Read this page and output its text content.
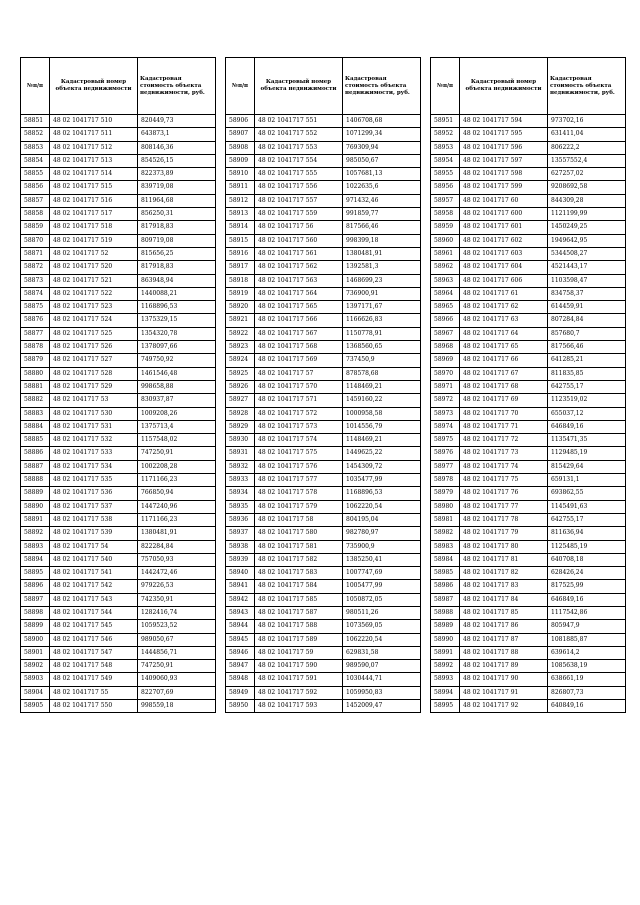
№п/п	Кадастровый номер объекта недвижимости	Кадастровая стоимость объекта недвижимости, руб.
58851	48 02 1041717 510	820449,73
58852	48 02 1041717 511	643873,1
58853	48 02 1041717 512	808146,36
58854	48 02 1041717 513	854526,15
58855	48 02 1041717 514	822373,89
58856	48 02 1041717 515	839719,08
58857	48 02 1041717 516	811964,68
58858	48 02 1041717 517	856250,31
58859	48 02 1041717 518	817918,83
58870	48 02 1041717 519	809719,08
58871	48 02 1041717 52	815656,25
58872	48 02 1041717 520	817918,83
58873	48 02 1041717 521	863948,94
58874	48 02 1041717 522	1440088,21
58875	48 02 1041717 523	1168896,53
58876	48 02 1041717 524	1375329,15
58877	48 02 1041717 525	1354320,78
58878	48 02 1041717 526	1378097,66
58879	48 02 1041717 527	749750,92
58880	48 02 1041717 528	1461546,48
58881	48 02 1041717 529	998658,88
58882	48 02 1041717 53	830937,87
58883	48 02 1041717 530	1009208,26
58884	48 02 1041717 531	1375713,4
58885	48 02 1041717 532	1157548,02
58886	48 02 1041717 533	747250,91
58887	48 02 1041717 534	1002208,28
58888	48 02 1041717 535	1171166,23
58889	48 02 1041717 536	766850,94
58890	48 02 1041717 537	1447240,96
58891	48 02 1041717 538	1171166,23
58892	48 02 1041717 539	1380481,91
58893	48 02 1041717 54	822284,84
58894	48 02 1041717 540	757050,93
58895	48 02 1041717 541	1442472,46
58896	48 02 1041717 542	979226,53
58897	48 02 1041717 543	742350,91
58898	48 02 1041717 544	1282416,74
58899	48 02 1041717 545	1059523,52
58900	48 02 1041717 546	989050,67
58901	48 02 1041717 547	1444856,71
58902	48 02 1041717 548	747250,91
58903	48 02 1041717 549	1409060,93
58904	48 02 1041717 55	822707,69
58905	48 02 1041717 550	998559,18
№п/п	Кадастровый номер объекта недвижимости	Кадастровая стоимость объекта недвижимости, руб.
58906	48 02 1041717 551	1406708,68
58907	48 02 1041717 552	1071299,34
58908	48 02 1041717 553	769309,94
58909	48 02 1041717 554	985050,67
58910	48 02 1041717 555	1057681,13
58911	48 02 1041717 556	1022635,6
58912	48 02 1041717 557	971432,46
58913	48 02 1041717 559	991859,77
58914	48 02 1041717 56	817566,46
58915	48 02 1041717 560	998399,18
58916	48 02 1041717 561	1380481,91
58917	48 02 1041717 562	1392581,3
58918	48 02 1041717 563	1468699,23
58919	48 02 1041717 564	736900,91
58920	48 02 1041717 565	1397171,67
58921	48 02 1041717 566	1166626,83
58922	48 02 1041717 567	1150778,91
58923	48 02 1041717 568	1368560,65
58924	48 02 1041717 569	737450,9
58925	48 02 1041717 57	878578,68
58926	48 02 1041717 570	1148469,21
58927	48 02 1041717 571	1459160,22
58928	48 02 1041717 572	1000958,58
58929	48 02 1041717 573	1014556,79
58930	48 02 1041717 574	1148469,21
58931	48 02 1041717 575	1449625,22
58932	48 02 1041717 576	1454309,72
58933	48 02 1041717 577	1035477,99
58934	48 02 1041717 578	1168896,53
58935	48 02 1041717 579	1062220,54
58936	48 02 1041717 58	804195,04
58937	48 02 1041717 580	982780,97
58938	48 02 1041717 581	735900,9
58939	48 02 1041717 582	1385250,41
58940	48 02 1041717 583	1007747,69
58941	48 02 1041717 584	1005477,99
58942	48 02 1041717 585	1050872,05
58943	48 02 1041717 587	980511,26
58944	48 02 1041717 588	1073569,05
58945	48 02 1041717 589	1062220,54
58946	48 02 1041717 59	629831,58
58947	48 02 1041717 590	989590,07
58948	48 02 1041717 591	1030444,71
58949	48 02 1041717 592	1059950,83
58950	48 02 1041717 593	1452009,47
№п/п	Кадастровый номер объекта недвижимости	Кадастровая стоимость объекта недвижимости, руб.
58951	48 02 1041717 594	973702,16
58952	48 02 1041717 595	631411,04
58953	48 02 1041717 596	806222,2
58954	48 02 1041717 597	13557552,4
58955	48 02 1041717 598	627257,02
58956	48 02 1041717 599	9208692,58
58957	48 02 1041717 60	844309,28
58958	48 02 1041717 600	1121199,99
58959	48 02 1041717 601	1450249,25
58960	48 02 1041717 602	1949642,95
58961	48 02 1041717 603	5344508,27
58962	48 02 1041717 604	4521443,17
58963	48 02 1041717 606	1103598,47
58964	48 02 1041717 61	834758,37
58965	48 02 1041717 62	614459,91
58966	48 02 1041717 63	807284,84
58967	48 02 1041717 64	857680,7
58968	48 02 1041717 65	817566,46
58969	48 02 1041717 66	641285,21
58970	48 02 1041717 67	811835,85
58971	48 02 1041717 68	642755,17
58972	48 02 1041717 69	1123519,02
58973	48 02 1041717 70	655037,12
58974	48 02 1041717 71	646849,16
58975	48 02 1041717 72	1135471,35
58976	48 02 1041717 73	1129485,19
58977	48 02 1041717 74	815429,64
58978	48 02 1041717 75	659131,1
58979	48 02 1041717 76	693862,55
58980	48 02 1041717 77	1145491,63
58981	48 02 1041717 78	642755,17
58982	48 02 1041717 79	811636,94
58983	48 02 1041717 80	1125485,19
58984	48 02 1041717 81	640708,18
58985	48 02 1041717 82	628426,24
58986	48 02 1041717 83	817525,99
58987	48 02 1041717 84	646849,16
58988	48 02 1041717 85	1117542,86
58989	48 02 1041717 86	805947,9
58990	48 02 1041717 87	1081885,87
58991	48 02 1041717 88	639614,2
58992	48 02 1041717 89	1085638,19
58993	48 02 1041717 90	638661,19
58994	48 02 1041717 91	826807,73
58995	48 02 1041717 92	640849,16
